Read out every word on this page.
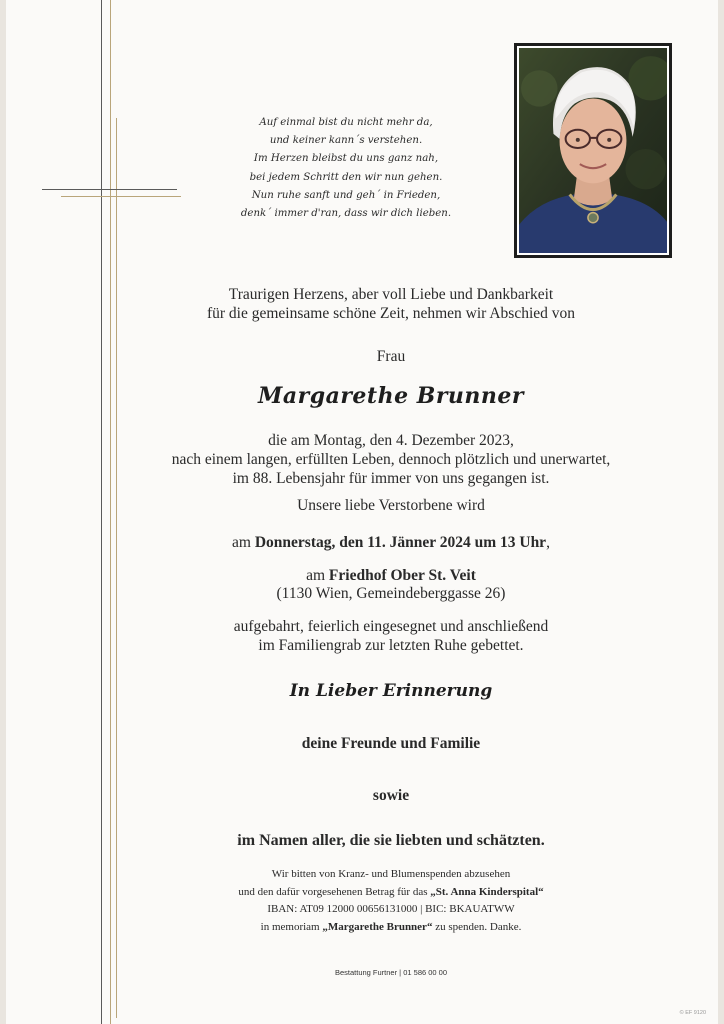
Auf einmal bist du nicht mehr da,
und keiner kann´s verstehen.
Im Herzen bleibst du uns ganz nah,
bei jedem Schritt den wir nun gehen.
Nun ruhe sanft und geh´ in Frieden,
denk´ immer d'ran, dass wir dich lieben.
Traurigen Herzens, aber voll Liebe und Dankbarkeit
für die gemeinsame schöne Zeit, nehmen wir Abschied von
Frau
Margarethe Brunner
die am Montag, den 4. Dezember 2023,
nach einem langen, erfüllten Leben, dennoch plötzlich und unerwartet,
im 88. Lebensjahr für immer von uns gegangen ist.
Unsere liebe Verstorbene wird
am Donnerstag, den 11. Jänner 2024 um 13 Uhr,
am Friedhof Ober St. Veit
(1130 Wien, Gemeindeberggasse 26)
aufgebahrt, feierlich eingesegnet und anschließend
im Familiengrab zur letzten Ruhe gebettet.
In Lieber Erinnerung
deine Freunde und Familie
sowie
im Namen aller, die sie liebten und schätzten.
Wir bitten von Kranz- und Blumenspenden abzusehen
und den dafür vorgesehenen Betrag für das „St. Anna Kinderspital“
IBAN: AT09 12000 00656131000 | BIC: BKAUATWW
in memoriam „Margarethe Brunner“ zu spenden. Danke.
Bestattung Furtner | 01 586 00 00
© EF 9120
